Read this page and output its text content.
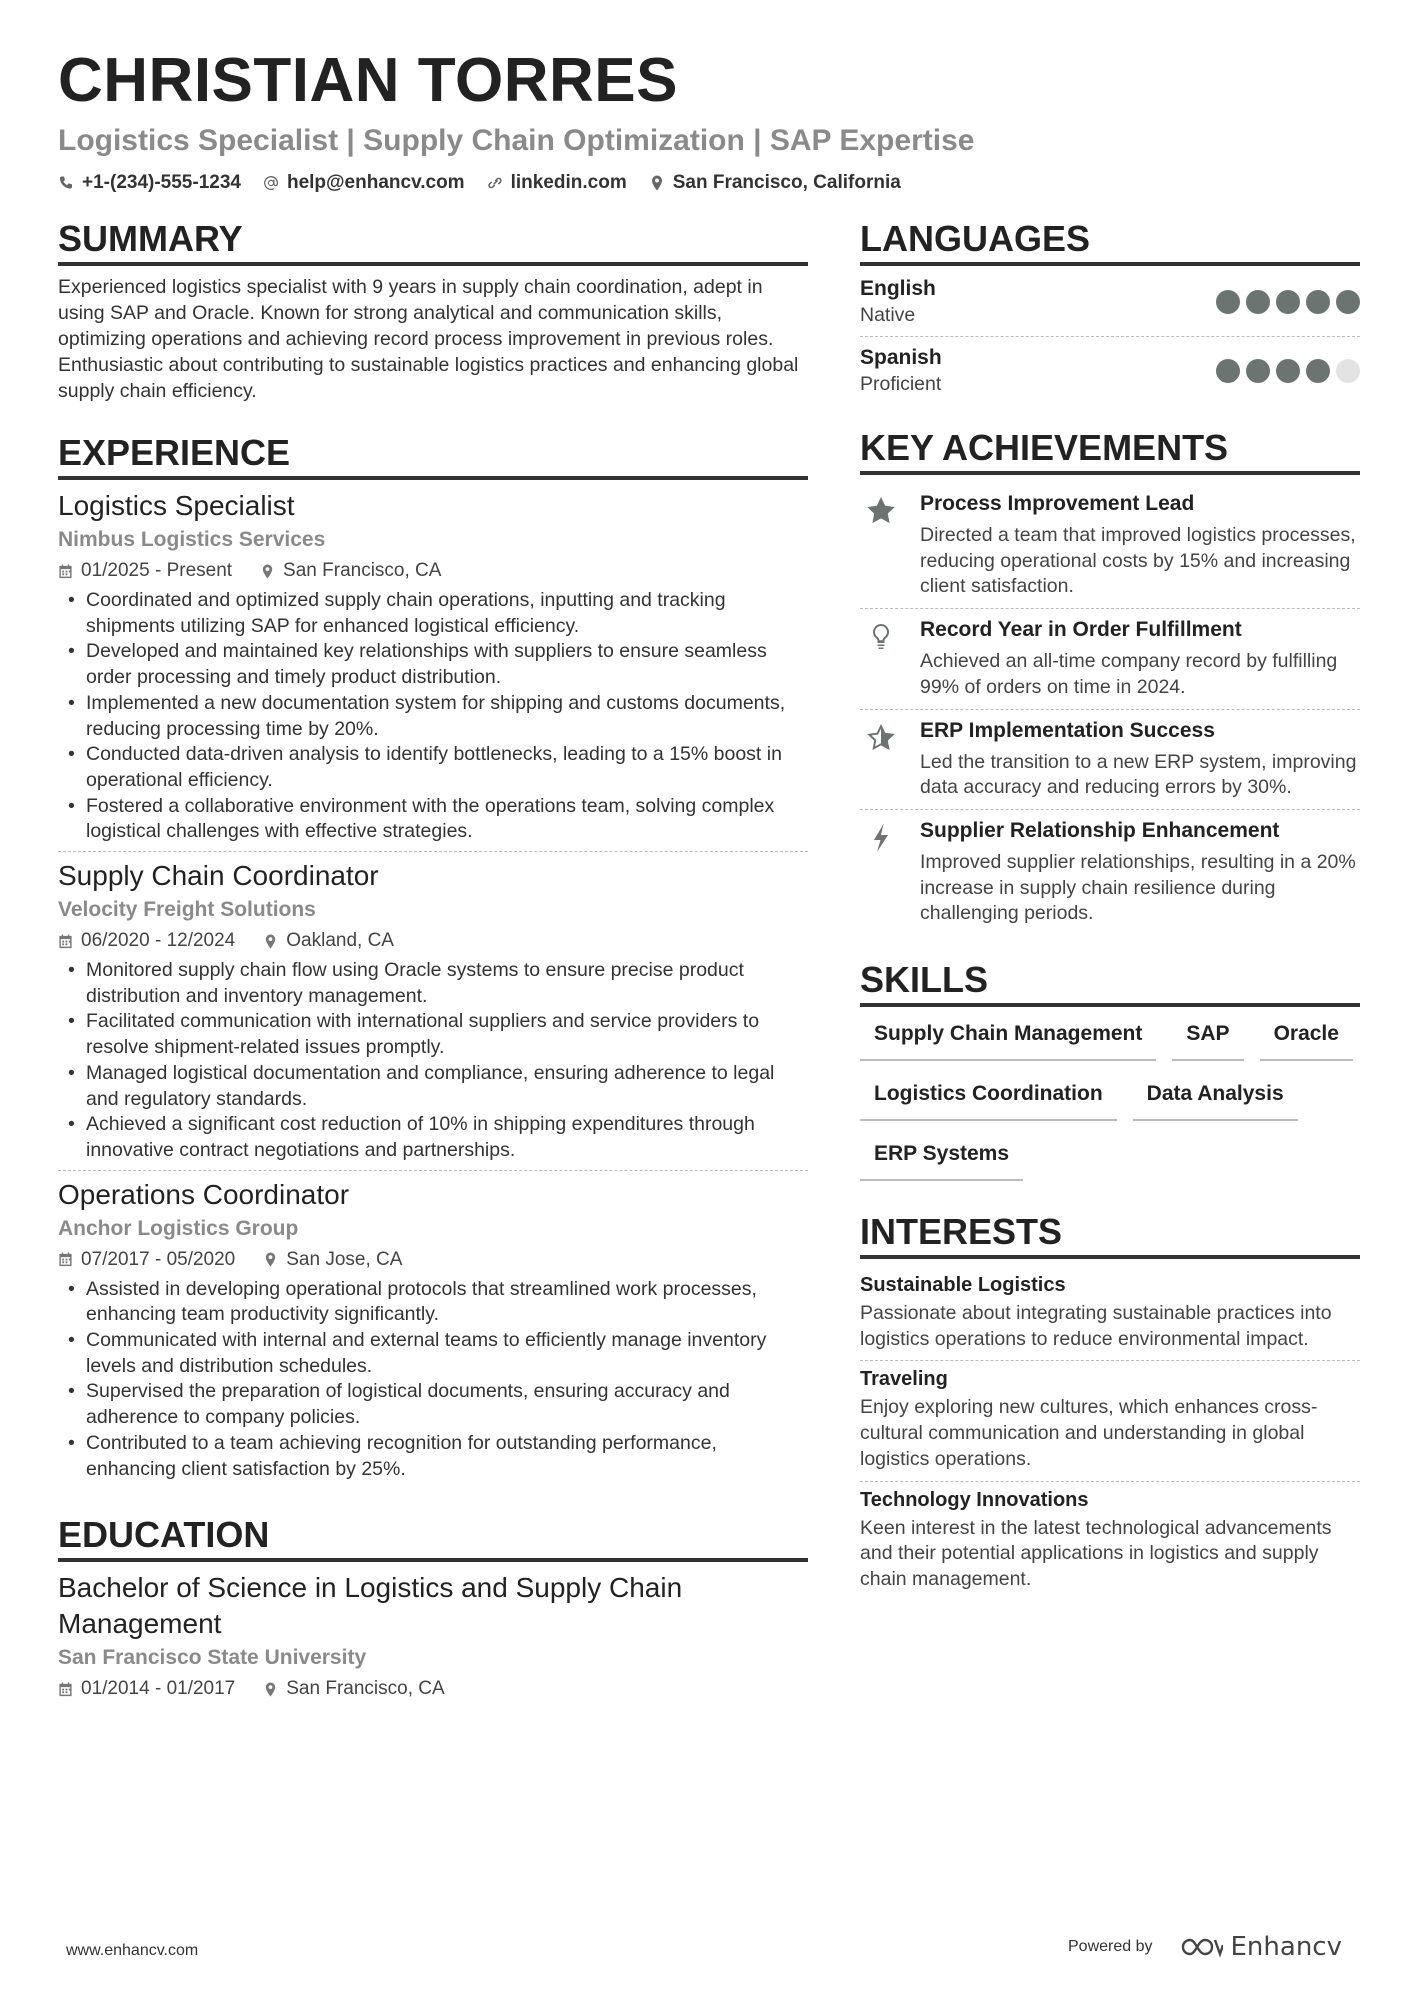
CHRISTIAN TORRES
Logistics Specialist | Supply Chain Optimization | SAP Expertise
+1-(234)-555-1234 help@enhancv.com linkedin.com San Francisco, California
SUMMARY
Experienced logistics specialist with 9 years in supply chain coordination, adept in using SAP and Oracle. Known for strong analytical and communication skills, optimizing operations and achieving record process improvement in previous roles. Enthusiastic about contributing to sustainable logistics practices and enhancing global supply chain efficiency.
EXPERIENCE
Logistics Specialist
Nimbus Logistics Services
01/2025 - Present	San Francisco, CA
• Coordinated and optimized supply chain operations, inputting and tracking shipments utilizing SAP for enhanced logistical efficiency.
• Developed and maintained key relationships with suppliers to ensure seamless order processing and timely product distribution.
• Implemented a new documentation system for shipping and customs documents, reducing processing time by 20%.
• Conducted data-driven analysis to identify bottlenecks, leading to a 15% boost in operational efficiency.
• Fostered a collaborative environment with the operations team, solving complex logistical challenges with effective strategies.
Supply Chain Coordinator
Velocity Freight Solutions
06/2020 - 12/2024	Oakland, CA
• Monitored supply chain flow using Oracle systems to ensure precise product distribution and inventory management.
• Facilitated communication with international suppliers and service providers to resolve shipment-related issues promptly.
• Managed logistical documentation and compliance, ensuring adherence to legal and regulatory standards.
• Achieved a significant cost reduction of 10% in shipping expenditures through innovative contract negotiations and partnerships.
Operations Coordinator
Anchor Logistics Group
07/2017 - 05/2020	San Jose, CA
• Assisted in developing operational protocols that streamlined work processes, enhancing team productivity significantly.
• Communicated with internal and external teams to efficiently manage inventory levels and distribution schedules.
• Supervised the preparation of logistical documents, ensuring accuracy and adherence to company policies.
• Contributed to a team achieving recognition for outstanding performance, enhancing client satisfaction by 25%.
EDUCATION
Bachelor of Science in Logistics and Supply Chain Management
San Francisco State University
01/2014 - 01/2017	San Francisco, CA
LANGUAGES
English
Native
Spanish
Proficient
KEY ACHIEVEMENTS
Process Improvement Lead
Directed a team that improved logistics processes, reducing operational costs by 15% and increasing client satisfaction.
Record Year in Order Fulfillment
Achieved an all-time company record by fulfilling 99% of orders on time in 2024.
ERP Implementation Success
Led the transition to a new ERP system, improving data accuracy and reducing errors by 30%.
Supplier Relationship Enhancement
Improved supplier relationships, resulting in a 20% increase in supply chain resilience during challenging periods.
SKILLS
Supply Chain Management	SAP	Oracle
Logistics Coordination	Data Analysis
ERP Systems
INTERESTS
Sustainable Logistics
Passionate about integrating sustainable practices into logistics operations to reduce environmental impact.
Traveling
Enjoy exploring new cultures, which enhances cross-cultural communication and understanding in global logistics operations.
Technology Innovations
Keen interest in the latest technological advancements and their potential applications in logistics and supply chain management.
www.enhancv.com	Powered by	Enhancv
